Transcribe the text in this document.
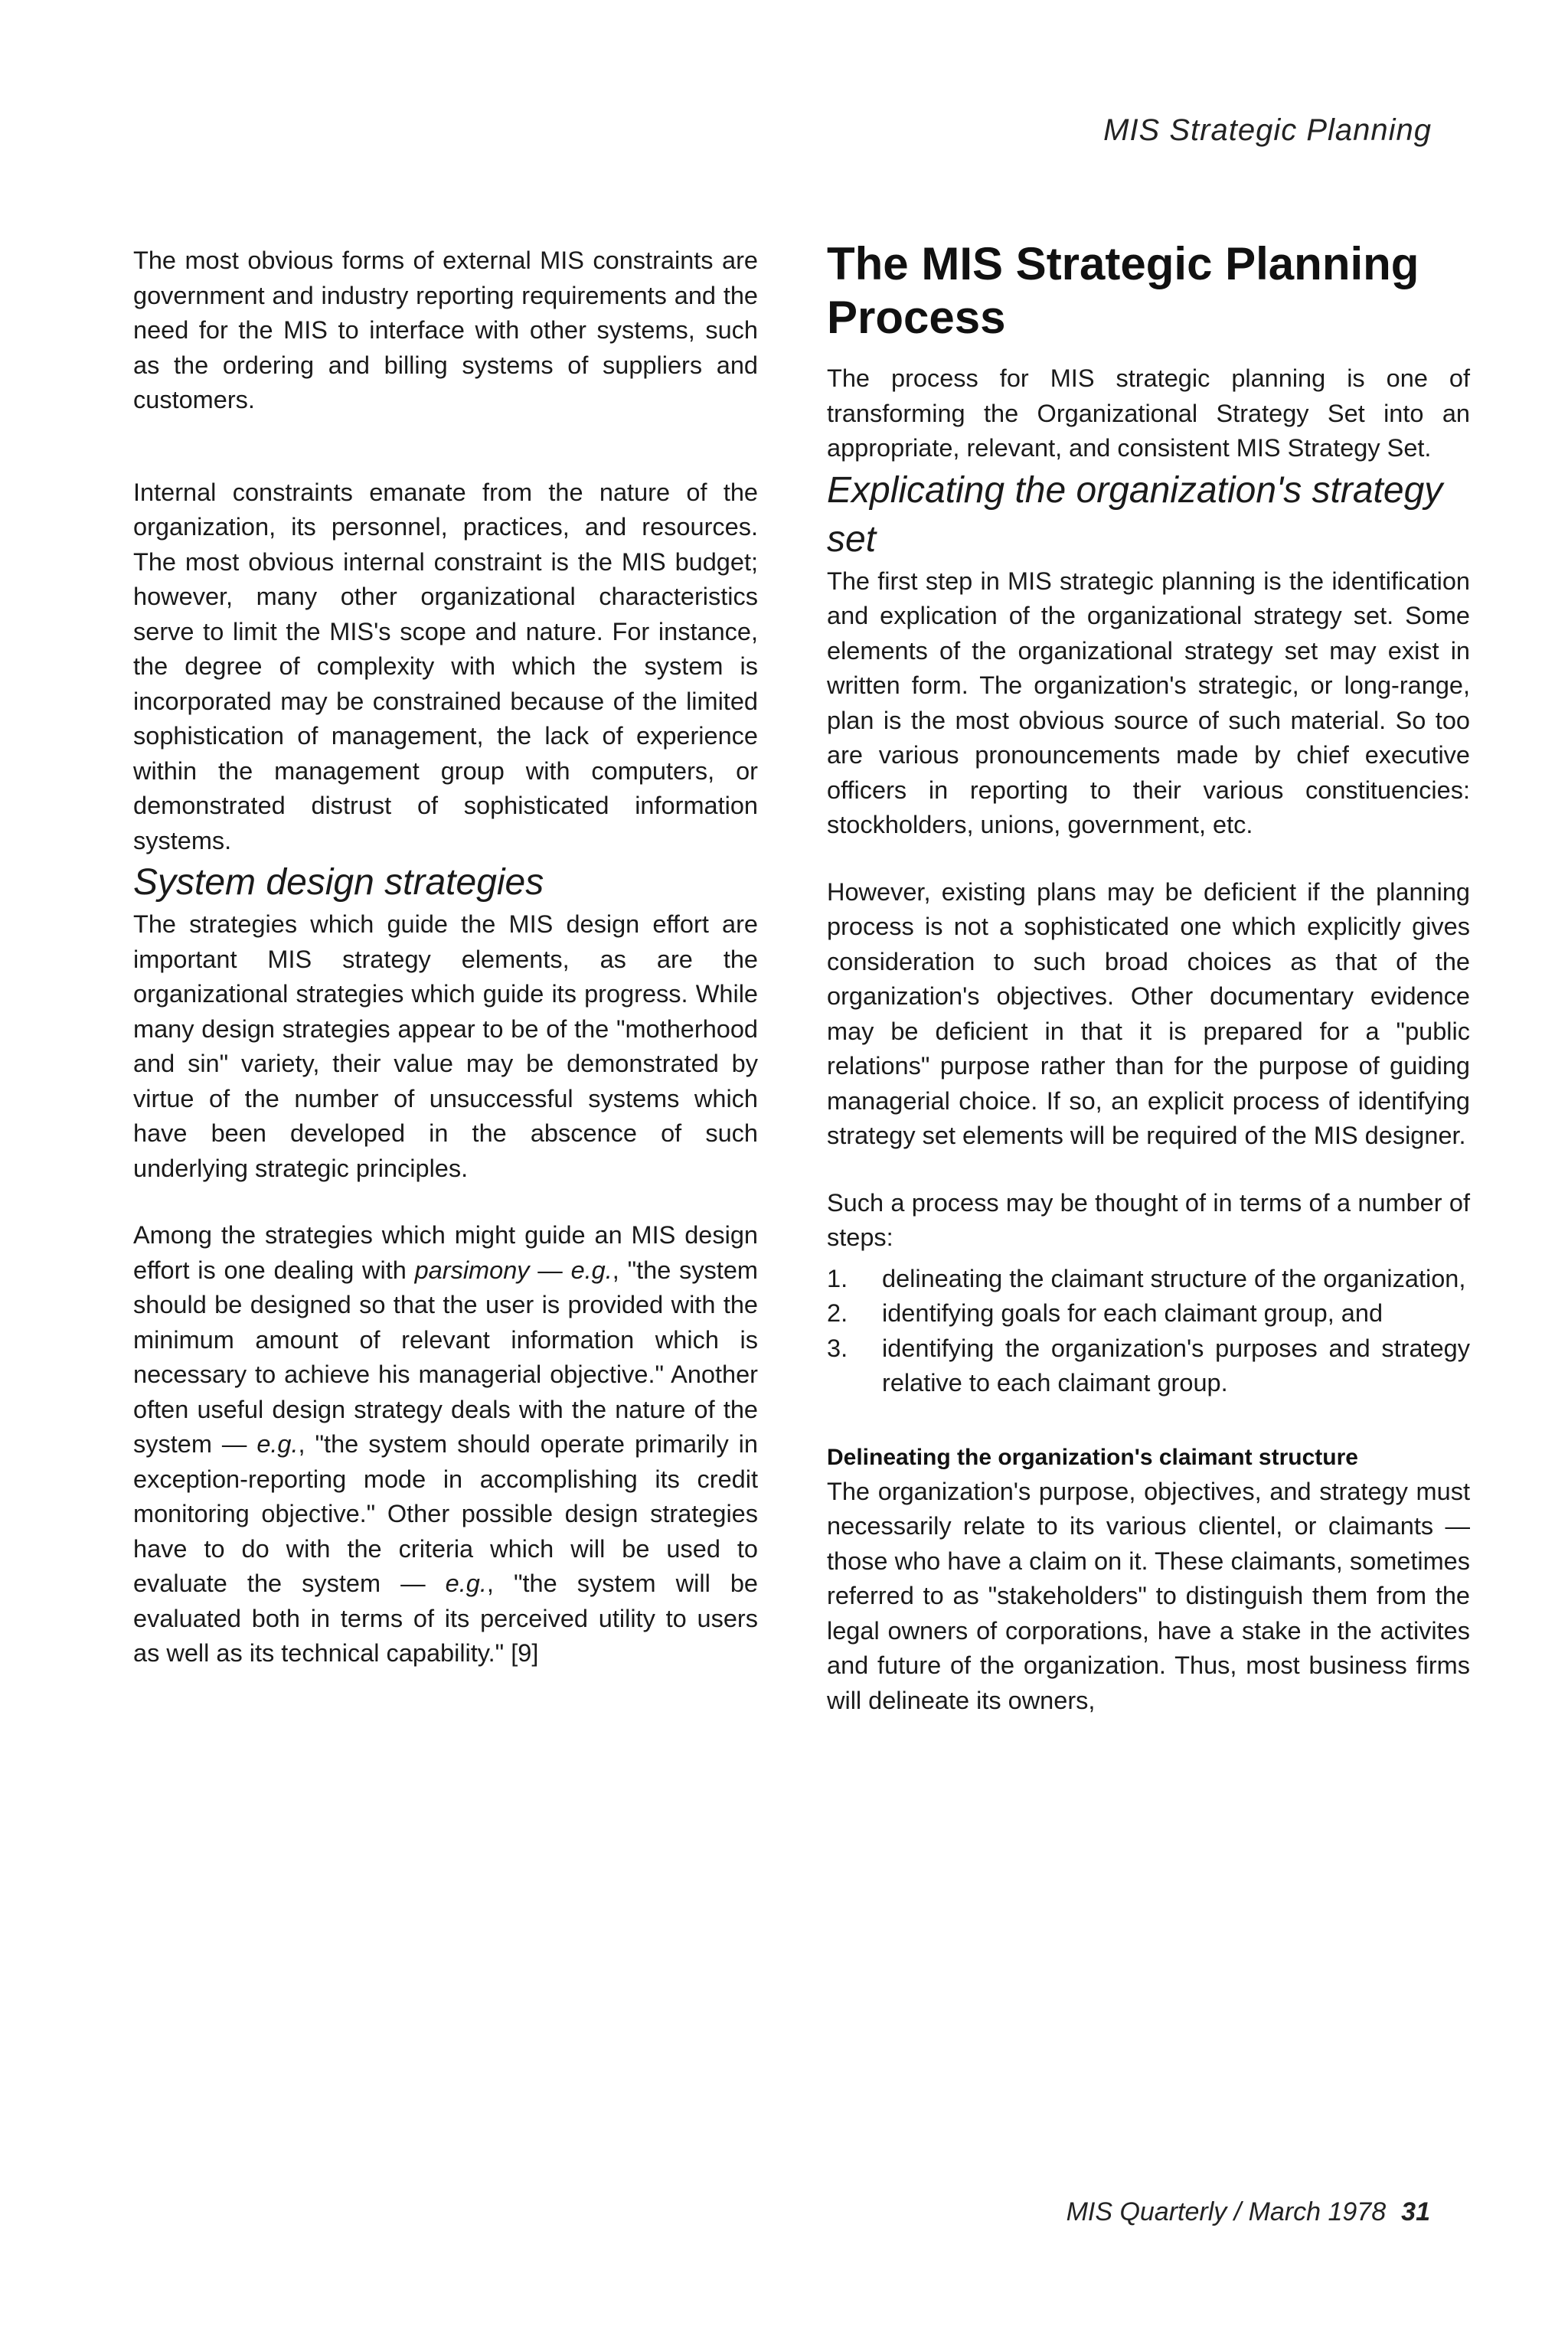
MIS Strategic Planning

The most obvious forms of external MIS constraints are government and industry reporting requirements and the need for the MIS to interface with other systems, such as the ordering and billing systems of suppliers and customers.

Internal constraints emanate from the nature of the organization, its personnel, practices, and resources. The most obvious internal constraint is the MIS budget; however, many other organizational characteristics serve to limit the MIS's scope and nature. For instance, the degree of complexity with which the system is incorporated may be constrained because of the limited sophistication of management, the lack of experience within the management group with computers, or demonstrated distrust of sophisticated information systems.

System design strategies

The strategies which guide the MIS design effort are important MIS strategy elements, as are the organizational strategies which guide its progress. While many design strategies appear to be of the "motherhood and sin" variety, their value may be demonstrated by virtue of the number of unsuccessful systems which have been developed in the abscence of such underlying strategic principles.

Among the strategies which might guide an MIS design effort is one dealing with parsimony — e.g., "the system should be designed so that the user is provided with the minimum amount of relevant information which is necessary to achieve his managerial objective." Another often useful design strategy deals with the nature of the system — e.g., "the system should operate primarily in exception-reporting mode in accomplishing its credit monitoring objective." Other possible design strategies have to do with the criteria which will be used to evaluate the system — e.g., "the system will be evaluated both in terms of its perceived utility to users as well as its technical capability." [9]

The MIS Strategic Planning Process

The process for MIS strategic planning is one of transforming the Organizational Strategy Set into an appropriate, relevant, and consistent MIS Strategy Set.

Explicating the organization's strategy set

The first step in MIS strategic planning is the identification and explication of the organizational strategy set. Some elements of the organizational strategy set may exist in written form. The organization's strategic, or long-range, plan is the most obvious source of such material. So too are various pronouncements made by chief executive officers in reporting to their various constituencies: stockholders, unions, government, etc.

However, existing plans may be deficient if the planning process is not a sophisticated one which explicitly gives consideration to such broad choices as that of the organization's objectives. Other documentary evidence may be deficient in that it is prepared for a "public relations" purpose rather than for the purpose of guiding managerial choice. If so, an explicit process of identifying strategy set elements will be required of the MIS designer.

Such a process may be thought of in terms of a number of steps:

1. delineating the claimant structure of the organization,
2. identifying goals for each claimant group, and
3. identifying the organization's purposes and strategy relative to each claimant group.
Delineating the organization's claimant structure

The organization's purpose, objectives, and strategy must necessarily relate to its various clientel, or claimants — those who have a claim on it. These claimants, sometimes referred to as "stakeholders" to distinguish them from the legal owners of corporations, have a stake in the activites and future of the organization. Thus, most business firms will delineate its owners,

MIS Quarterly / March 1978 31
